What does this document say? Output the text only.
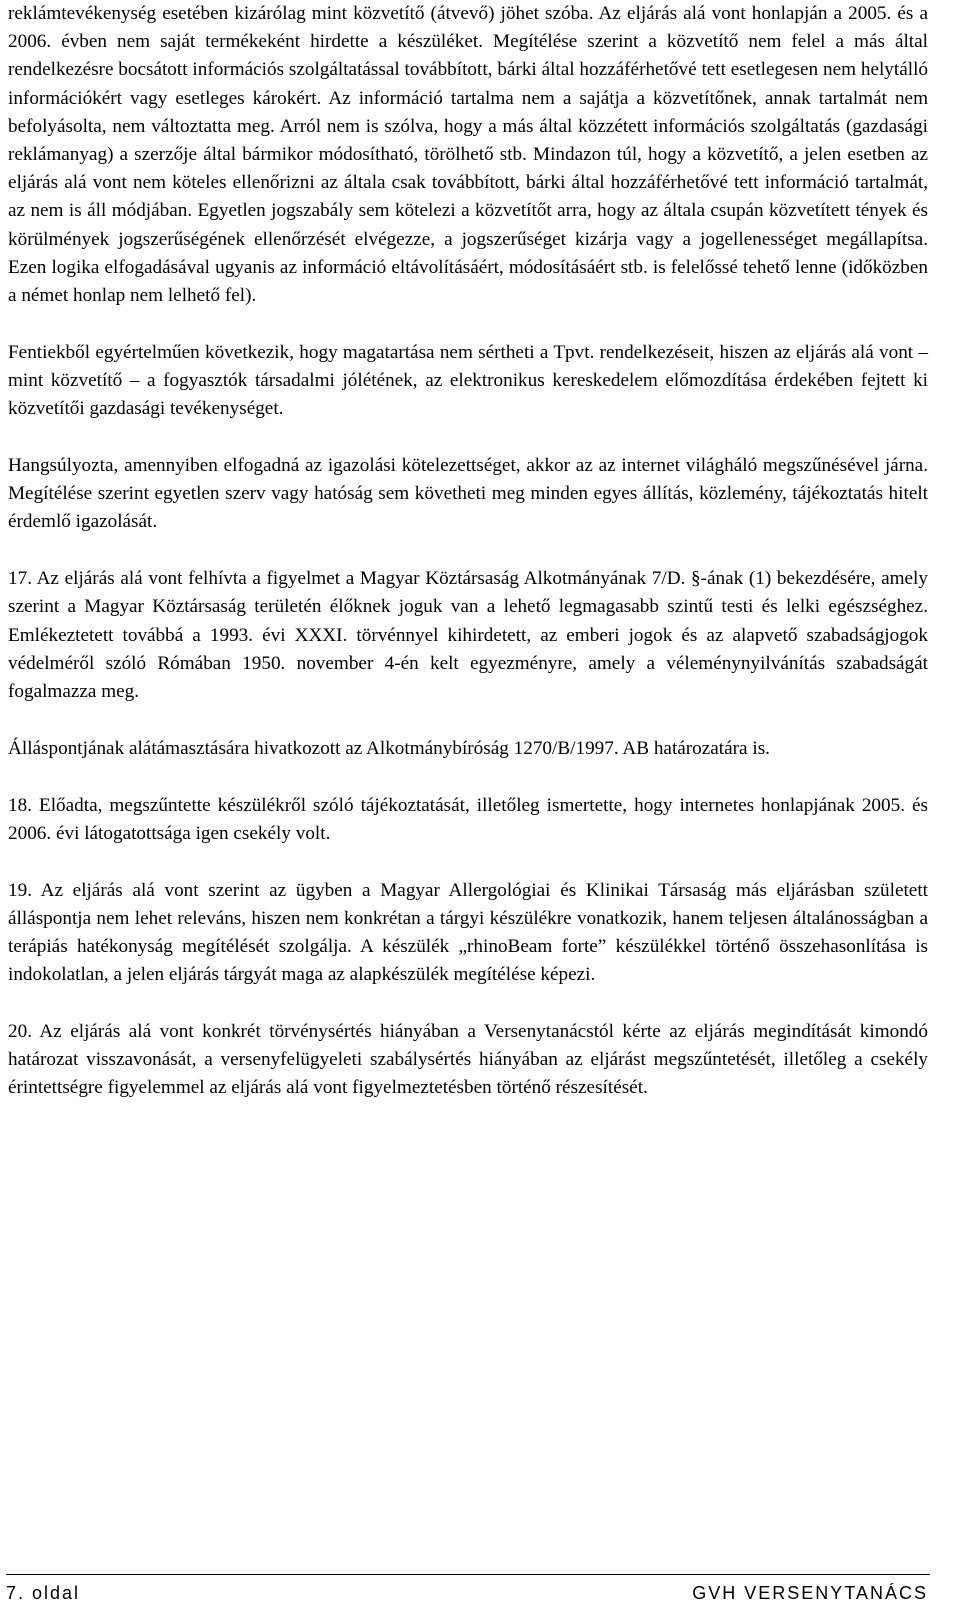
reklámtevékenység esetében kizárólag mint közvetítő (átvevő) jöhet szóba. Az eljárás alá vont honlapján a 2005. és a 2006. évben nem saját termékeként hirdette a készüléket. Megítélése szerint a közvetítő nem felel a más által rendelkezésre bocsátott információs szolgáltatással továbbított, bárki által hozzáférhetővé tett esetlegesen nem helytálló információkért vagy esetleges károkért. Az információ tartalma nem a sajátja a közvetítőnek, annak tartalmát nem befolyásolta, nem változtatta meg. Arról nem is szólva, hogy a más által közzétett információs szolgáltatás (gazdasági reklámanyag) a szerzője által bármikor módosítható, törölhető stb. Mindazon túl, hogy a közvetítő, a jelen esetben az eljárás alá vont nem köteles ellenőrizni az általa csak továbbított, bárki által hozzáférhetővé tett információ tartalmát, az nem is áll módjában. Egyetlen jogszabály sem kötelezi a közvetítőt arra, hogy az általa csupán közvetített tények és körülmények jogszerűségének ellenőrzését elvégezze, a jogszerűséget kizárja vagy a jogellenességet megállapítsa. Ezen logika elfogadásával ugyanis az információ eltávolításáért, módosításáért stb. is felelőssé tehető lenne (időközben a német honlap nem lelhető fel).

Fentiekből egyértelműen következik, hogy magatartása nem sértheti a Tpvt. rendelkezéseit, hiszen az eljárás alá vont – mint közvetítő – a fogyasztók társadalmi jólétének, az elektronikus kereskedelem előmozdítása érdekében fejtett ki közvetítői gazdasági tevékenységet.

Hangsúlyozta, amennyiben elfogadná az igazolási kötelezettséget, akkor az az internet világháló megszűnésével járna. Megítélése szerint egyetlen szerv vagy hatóság sem követheti meg minden egyes állítás, közlemény, tájékoztatás hitelt érdemlő igazolását.

17. Az eljárás alá vont felhívta a figyelmet a Magyar Köztársaság Alkotmányának 7/D. §-ának (1) bekezdésére, amely szerint a Magyar Köztársaság területén élőknek joguk van a lehető legmagasabb szintű testi és lelki egészséghez. Emlékeztetett továbbá a 1993. évi XXXI. törvénnyel kihirdetett, az emberi jogok és az alapvető szabadságjogok védelméről szóló Rómában 1950. november 4-én kelt egyezményre, amely a véleménynyilvánítás szabadságát fogalmazza meg.

Álláspontjának alátámasztására hivatkozott az Alkotmánybíróság 1270/B/1997. AB határozatára is.

18. Előadta, megszűntette készülékről szóló tájékoztatását, illetőleg ismertette, hogy internetes honlapjának 2005. és 2006. évi látogatottsága igen csekély volt.

19. Az eljárás alá vont szerint az ügyben a Magyar Allergológiai és Klinikai Társaság más eljárásban született álláspontja nem lehet releváns, hiszen nem konkrétan a tárgyi készülékre vonatkozik, hanem teljesen általánosságban a terápiás hatékonyság megítélését szolgálja. A készülék „rhinoBeam forte” készülékkel történő összehasonlítása is indokolatlan, a jelen eljárás tárgyát maga az alapkészülék megítélése képezi.

20. Az eljárás alá vont konkrét törvénysértés hiányában a Versenytanácstól kérte az eljárás megindítását kimondó határozat visszavonását, a versenyfelügyeleti szabálysértés hiányában az eljárást megszűntetését, illetőleg a csekély érintettségre figyelemmel az eljárás alá vont figyelmeztetésben történő részesítését.

7. oldal	GVH VERSENYTANÁCS
